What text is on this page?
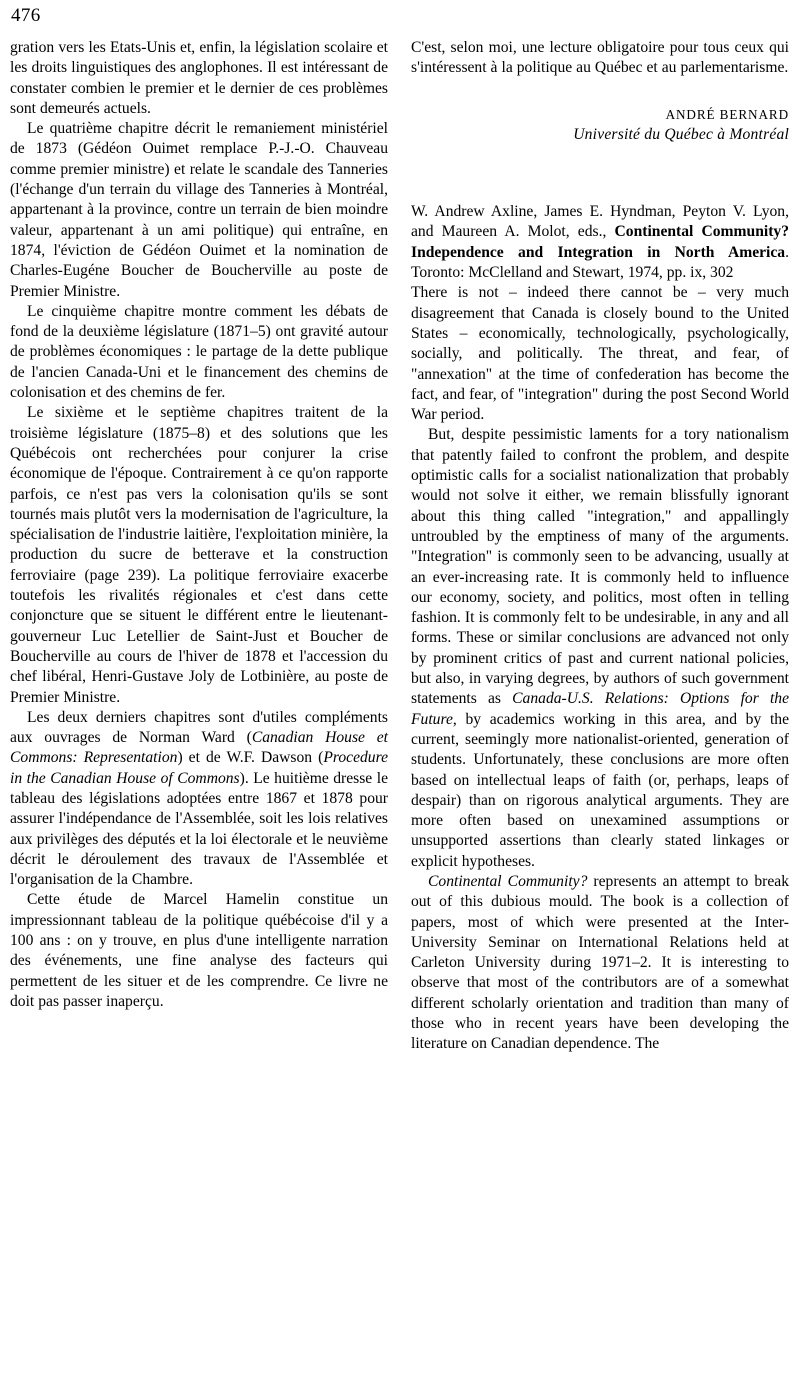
476

gration vers les Etats-Unis et, enfin, la législation scolaire et les droits linguistiques des anglophones. Il est intéressant de constater combien le premier et le dernier de ces problèmes sont demeurés actuels.

Le quatrième chapitre décrit le remaniement ministériel de 1873 (Gédéon Ouimet remplace P.-J.-O. Chauveau comme premier ministre) et relate le scandale des Tanneries (l'échange d'un terrain du village des Tanneries à Montréal, appartenant à la province, contre un terrain de bien moindre valeur, appartenant à un ami politique) qui entraîne, en 1874, l'éviction de Gédéon Ouimet et la nomination de Charles-Eugéne Boucher de Boucherville au poste de Premier Ministre.

Le cinquième chapitre montre comment les débats de fond de la deuxième législature (1871–5) ont gravité autour de problèmes économiques : le partage de la dette publique de l'ancien Canada-Uni et le financement des chemins de colonisation et des chemins de fer.

Le sixième et le septième chapitres traitent de la troisième législature (1875–8) et des solutions que les Québécois ont recherchées pour conjurer la crise économique de l'époque. Contrairement à ce qu'on rapporte parfois, ce n'est pas vers la colonisation qu'ils se sont tournés mais plutôt vers la modernisation de l'agriculture, la spécialisation de l'industrie laitière, l'exploitation minière, la production du sucre de betterave et la construction ferroviaire (page 239). La politique ferroviaire exacerbe toutefois les rivalités régionales et c'est dans cette conjoncture que se situent le différent entre le lieutenant-gouverneur Luc Letellier de Saint-Just et Boucher de Boucherville au cours de l'hiver de 1878 et l'accession du chef libéral, Henri-Gustave Joly de Lotbinière, au poste de Premier Ministre.

Les deux derniers chapitres sont d'utiles compléments aux ouvrages de Norman Ward (Canadian House et Commons: Representation) et de W.F. Dawson (Procedure in the Canadian House of Commons). Le huitième dresse le tableau des législations adoptées entre 1867 et 1878 pour assurer l'indépendance de l'Assemblée, soit les lois relatives aux privilèges des députés et la loi électorale et le neuvième décrit le déroulement des travaux de l'Assemblée et l'organisation de la Chambre.

Cette étude de Marcel Hamelin constitue un impressionnant tableau de la politique québécoise d'il y a 100 ans : on y trouve, en plus d'une intelligente narration des événements, une fine analyse des facteurs qui permettent de les situer et de les comprendre. Ce livre ne doit pas passer inaperçu.

C'est, selon moi, une lecture obligatoire pour tous ceux qui s'intéressent à la politique au Québec et au parlementarisme.

ANDRÉ BERNARD
Université du Québec à Montréal
W. Andrew Axline, James E. Hyndman, Peyton V. Lyon, and Maureen A. Molot, eds., Continental Community? Independence and Integration in North America. Toronto: McClelland and Stewart, 1974, pp. ix, 302

There is not – indeed there cannot be – very much disagreement that Canada is closely bound to the United States – economically, technologically, psychologically, socially, and politically. The threat, and fear, of "annexation" at the time of confederation has become the fact, and fear, of "integration" during the post Second World War period.

But, despite pessimistic laments for a tory nationalism that patently failed to confront the problem, and despite optimistic calls for a socialist nationalization that probably would not solve it either, we remain blissfully ignorant about this thing called "integration," and appallingly untroubled by the emptiness of many of the arguments. "Integration" is commonly seen to be advancing, usually at an ever-increasing rate. It is commonly held to influence our economy, society, and politics, most often in telling fashion. It is commonly felt to be undesirable, in any and all forms. These or similar conclusions are advanced not only by prominent critics of past and current national policies, but also, in varying degrees, by authors of such government statements as Canada-U.S. Relations: Options for the Future, by academics working in this area, and by the current, seemingly more nationalist-oriented, generation of students. Unfortunately, these conclusions are more often based on intellectual leaps of faith (or, perhaps, leaps of despair) than on rigorous analytical arguments. They are more often based on unexamined assumptions or unsupported assertions than clearly stated linkages or explicit hypotheses.

Continental Community? represents an attempt to break out of this dubious mould. The book is a collection of papers, most of which were presented at the Inter-University Seminar on International Relations held at Carleton University during 1971–2. It is interesting to observe that most of the contributors are of a somewhat different scholarly orientation and tradition than many of those who in recent years have been developing the literature on Canadian dependence. The
